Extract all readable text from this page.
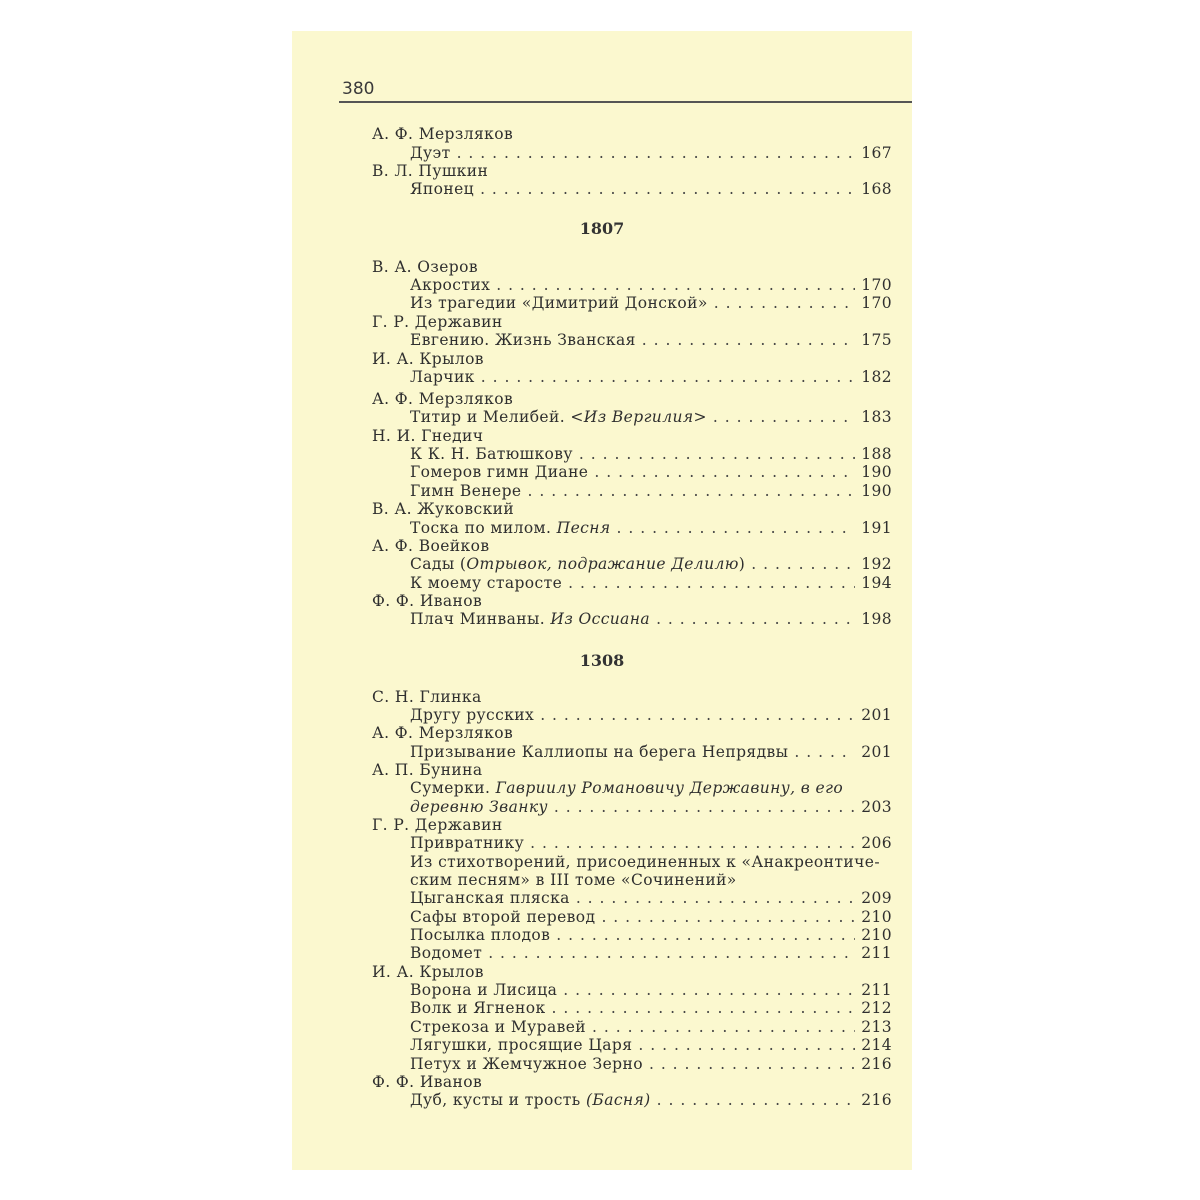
380
А. Ф. Мерзляков
Дуэт . . .	167
В. Л. Пушкин
Японец . . .	168
1807
В. А. Озеров
Акростих . . .	170
Из трагедии «Димитрий Донской» . . .	170
Г. Р. Державин
Евгению. Жизнь Званская . . .	175
И. А. Крылов
Ларчик . . .	182
А. Ф. Мерзляков
Титир и Мелибей. <Из Вергилия> . . .	183
Н. И. Гнедич
К К. Н. Батюшкову . . .	188
Гомеров гимн Диане . . .	190
Гимн Венере . . .	190
В. А. Жуковский
Тоска по милом. Песня . . .	191
А. Ф. Воейков
Сады (Отрывок, подражание Делилю) . . .	192
К моему старосте . . .	194
Ф. Ф. Иванов
Плач Минваны. Из Оссиана . . .	198
1308
С. Н. Глинка
Другу русских . . .	201
А. Ф. Мерзляков
Призывание Каллиопы на берега Непрядвы . . .	201
А. П. Бунина
Сумерки. Гавриилу Романовичу Державину, в его
деревню Званку . . .	203
Г. Р. Державин
Привратнику . . .	206
Из стихотворений, присоединенных к «Анакреонтиче-
ским песням» в III томе «Сочинений»
Цыганская пляска . . .	209
Сафы второй перевод . . .	210
Посылка плодов . . .	210
Водомет . . .	211
И. А. Крылов
Ворона и Лисица . . .	211
Волк и Ягненок . . .	212
Стрекоза и Муравей . . .	213
Лягушки, просящие Царя . . .	214
Петух и Жемчужное Зерно . . .	216
Ф. Ф. Иванов
Дуб, кусты и трость (Басня) . . .	216
